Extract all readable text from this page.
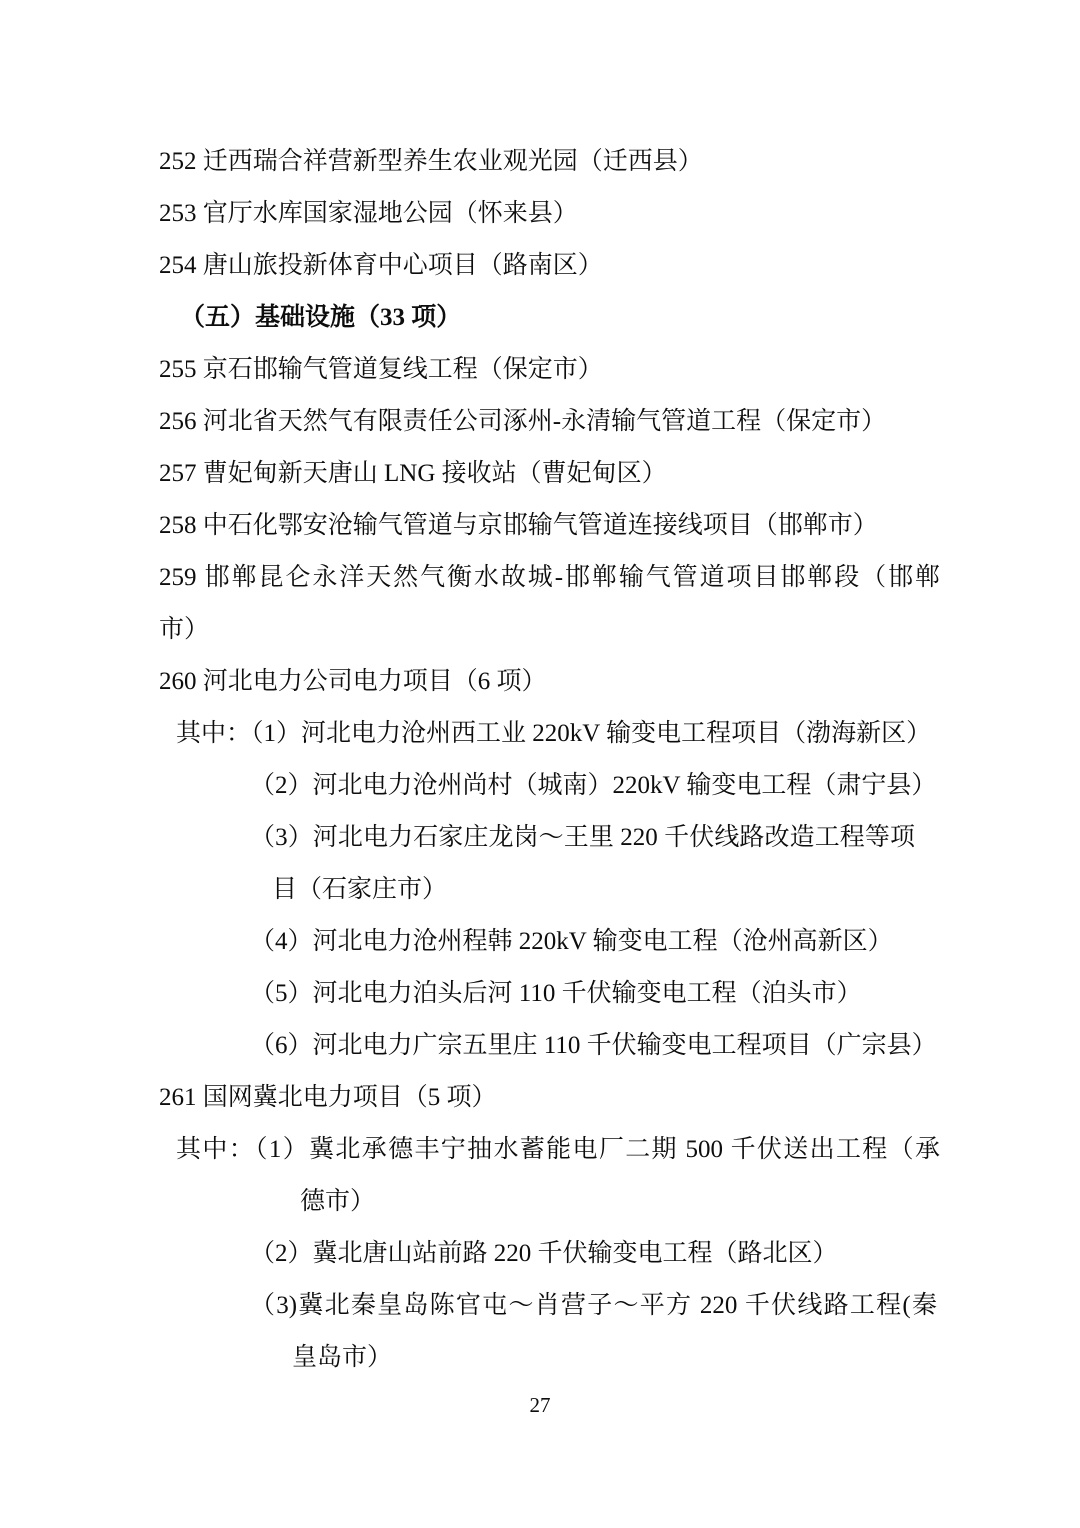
252 迁西瑞合祥营新型养生农业观光园（迁西县）
253 官厅水库国家湿地公园（怀来县）
254 唐山旅投新体育中心项目（路南区）
（五）基础设施（33 项）
255 京石邯输气管道复线工程（保定市）
256 河北省天然气有限责任公司涿州-永清输气管道工程（保定市）
257 曹妃甸新天唐山 LNG 接收站（曹妃甸区）
258 中石化鄂安沧输气管道与京邯输气管道连接线项目（邯郸市）
259 邯郸昆仑永洋天然气衡水故城-邯郸输气管道项目邯郸段（邯郸
市）
260 河北电力公司电力项目（6 项）
其中：（1）河北电力沧州西工业 220kV 输变电工程项目（渤海新区）
（2）河北电力沧州尚村（城南）220kV 输变电工程（肃宁县）
（3）河北电力石家庄龙岗～王里 220 千伏线路改造工程等项
目（石家庄市）
（4）河北电力沧州程韩 220kV 输变电工程（沧州高新区）
（5）河北电力泊头后河 110 千伏输变电工程（泊头市）
（6）河北电力广宗五里庄 110 千伏输变电工程项目（广宗县）
261 国网冀北电力项目（5 项）
其中：（1）冀北承德丰宁抽水蓄能电厂二期 500 千伏送出工程（承
德市）
（2）冀北唐山站前路 220 千伏输变电工程（路北区）
（3)冀北秦皇岛陈官屯～肖营子～平方 220 千伏线路工程(秦
皇岛市）
27
